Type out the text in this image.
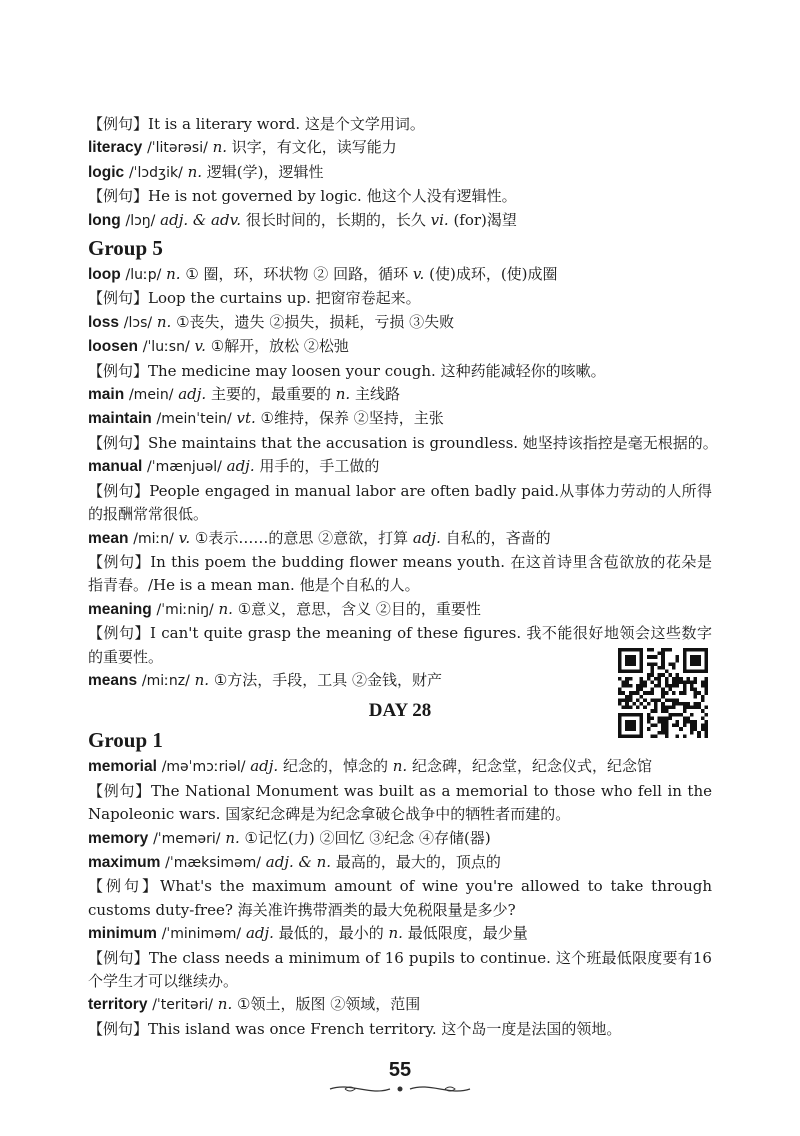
【例句】It is a literary word. 这是个文学用词。
literacy /ˈlitərəsi/ n. 识字，有文化，读写能力
logic /ˈlɔdʒik/ n. 逻辑(学)，逻辑性
【例句】He is not governed by logic. 他这个人没有逻辑性。
long /lɔŋ/ adj. & adv. 很长时间的，长期的，长久 vi. (for)渴望
Group 5
loop /luːp/ n. ① 圈，环，环状物 ② 回路，循环 v. (使)成环，(使)成圈
【例句】Loop the curtains up. 把窗帘卷起来。
loss /lɔs/ n. ①丧失，遗失 ②损失，损耗，亏损 ③失败
loosen /ˈluːsn/ v. ①解开，放松 ②松弛
【例句】The medicine may loosen your cough. 这种药能减轻你的咳嗽。
main /mein/ adj. 主要的，最重要的 n. 主线路
maintain /meinˈtein/ vt. ①维持，保养 ②坚持，主张
【例句】She maintains that the accusation is groundless. 她坚持该指控是毫无根据的。
manual /ˈmænjuəl/ adj. 用手的，手工做的
【例句】People engaged in manual labor are often badly paid.从事体力劳动的人所得的报酬常常很低。
mean /miːn/ v. ①表示……的意思 ②意欲，打算 adj. 自私的，吝啬的
【例句】In this poem the budding flower means youth. 在这首诗里含苞欲放的花朵是指青春。/He is a mean man. 他是个自私的人。
meaning /ˈmiːniŋ/ n. ①意义，意思，含义 ②目的，重要性
【例句】I can't quite grasp the meaning of these figures. 我不能很好地领会这些数字的重要性。
means /miːnz/ n. ①方法，手段，工具 ②金钱，财产
DAY 28
Group 1
memorial /məˈmɔːriəl/ adj. 纪念的，悼念的 n. 纪念碑，纪念堂，纪念仪式，纪念馆
【例句】The National Monument was built as a memorial to those who fell in the Napoleonic wars. 国家纪念碑是为纪念拿破仑战争中的牺牲者而建的。
memory /ˈmeməri/ n. ①记忆(力) ②回忆 ③纪念 ④存储(器)
maximum /ˈmæksiməm/ adj. & n. 最高的，最大的，顶点的
【例句】What's the maximum amount of wine you're allowed to take through customs duty-free? 海关准许携带酒类的最大免税限量是多少?
minimum /ˈminiməm/ adj. 最低的，最小的 n. 最低限度，最少量
【例句】The class needs a minimum of 16 pupils to continue. 这个班最低限度要有16个学生才可以继续办。
territory /ˈteritəri/ n. ①领土，版图 ②领域，范围
【例句】This island was once French territory. 这个岛一度是法国的领地。
55
